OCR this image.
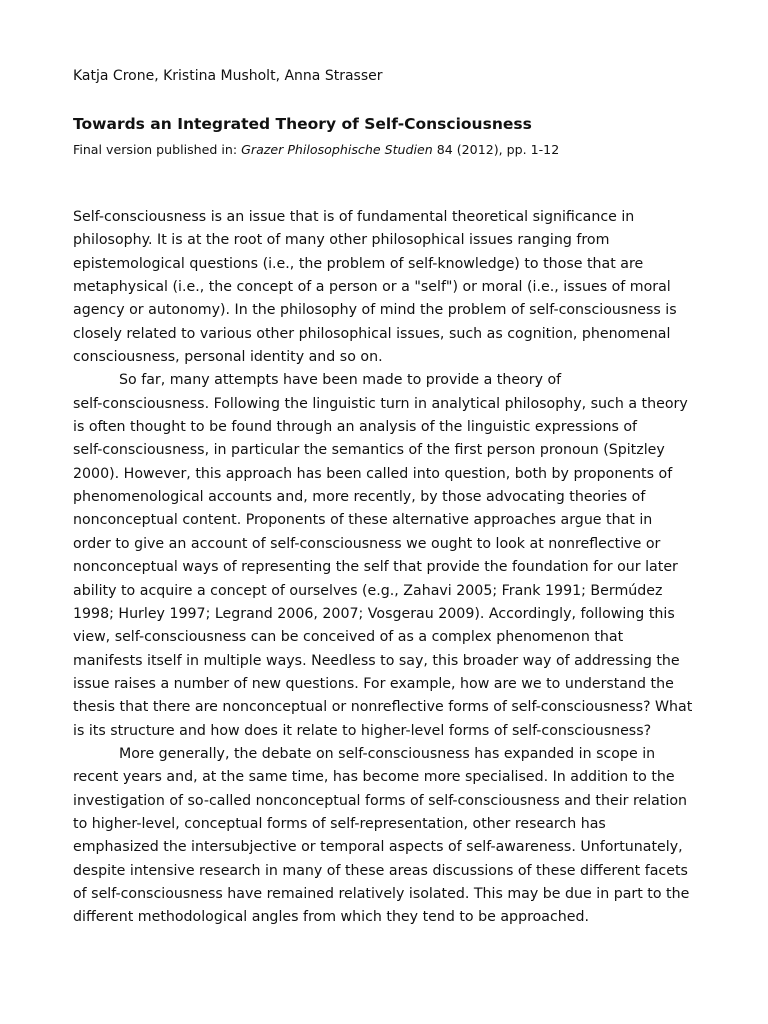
Katja Crone, Kristina Musholt, Anna Strasser
Towards an Integrated Theory of Self-Consciousness
Final version published in: Grazer Philosophische Studien 84 (2012), pp. 1-12
Self-consciousness is an issue that is of fundamental theoretical significance in
philosophy. It is at the root of many other philosophical issues ranging from
epistemological questions (i.e., the problem of self-knowledge) to those that are
metaphysical (i.e., the concept of a person or a "self") or moral (i.e., issues of moral
agency or autonomy). In the philosophy of mind the problem of self-consciousness is
closely related to various other philosophical issues, such as cognition, phenomenal
consciousness, personal identity and so on.
So far, many attempts have been made to provide a theory of
self-consciousness. Following the linguistic turn in analytical philosophy, such a theory
is often thought to be found through an analysis of the linguistic expressions of
self-consciousness, in particular the semantics of the first person pronoun (Spitzley
2000). However, this approach has been called into question, both by proponents of
phenomenological accounts and, more recently, by those advocating theories of
nonconceptual content. Proponents of these alternative approaches argue that in
order to give an account of self-consciousness we ought to look at nonreflective or
nonconceptual ways of representing the self that provide the foundation for our later
ability to acquire a concept of ourselves (e.g., Zahavi 2005; Frank 1991; Bermúdez
1998; Hurley 1997; Legrand 2006, 2007; Vosgerau 2009). Accordingly, following this
view, self-consciousness can be conceived of as a complex phenomenon that
manifests itself in multiple ways. Needless to say, this broader way of addressing the
issue raises a number of new questions. For example, how are we to understand the
thesis that there are nonconceptual or nonreflective forms of self-consciousness? What
is its structure and how does it relate to higher-level forms of self-consciousness?
More generally, the debate on self-consciousness has expanded in scope in
recent years and, at the same time, has become more specialised. In addition to the
investigation of so-called nonconceptual forms of self-consciousness and their relation
to higher-level, conceptual forms of self-representation, other research has
emphasized the intersubjective or temporal aspects of self-awareness. Unfortunately,
despite intensive research in many of these areas discussions of these different facets
of self-consciousness have remained relatively isolated. This may be due in part to the
different methodological angles from which they tend to be approached.
